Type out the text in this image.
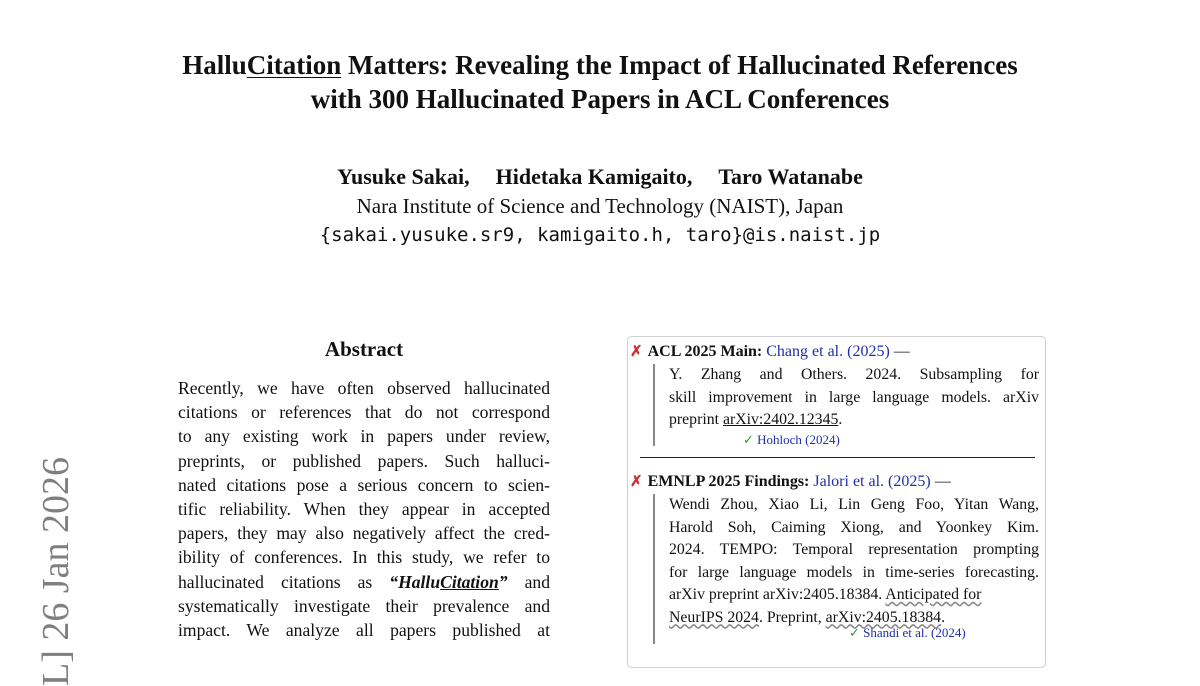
HalluCitation Matters: Revealing the Impact of Hallucinated References
with 300 Hallucinated Papers in ACL Conferences
Yusuke Sakai, Hidetaka Kamigaito, Taro Watanabe
Nara Institute of Science and Technology (NAIST), Japan
{sakai.yusuke.sr9, kamigaito.h, taro}@is.naist.jp
L] 26 Jan 2026
Abstract
Recently, we have often observed hallucinated
citations or references that do not correspond
to any existing work in papers under review,
preprints, or published papers. Such halluci-
nated citations pose a serious concern to scien-
tific reliability. When they appear in accepted
papers, they may also negatively affect the cred-
ibility of conferences. In this study, we refer to
hallucinated citations as “HalluCitation” and
systematically investigate their prevalence and
impact. We analyze all papers published at
✗ ACL 2025 Main: Chang et al. (2025) —
Y. Zhang and Others. 2024. Subsampling for
skill improvement in large language models. arXiv
preprint arXiv:2402.12345.
✓ Hohloch (2024)
✗ EMNLP 2025 Findings: Jalori et al. (2025) —
Wendi Zhou, Xiao Li, Lin Geng Foo, Yitan Wang,
Harold Soh, Caiming Xiong, and Yoonkey Kim.
2024. TEMPO: Temporal representation prompting
for large language models in time-series forecasting.
arXiv preprint arXiv:2405.18384. Anticipated for
NeurIPS 2024. Preprint, arXiv:2405.18384.
✓ Shandi et al. (2024)
